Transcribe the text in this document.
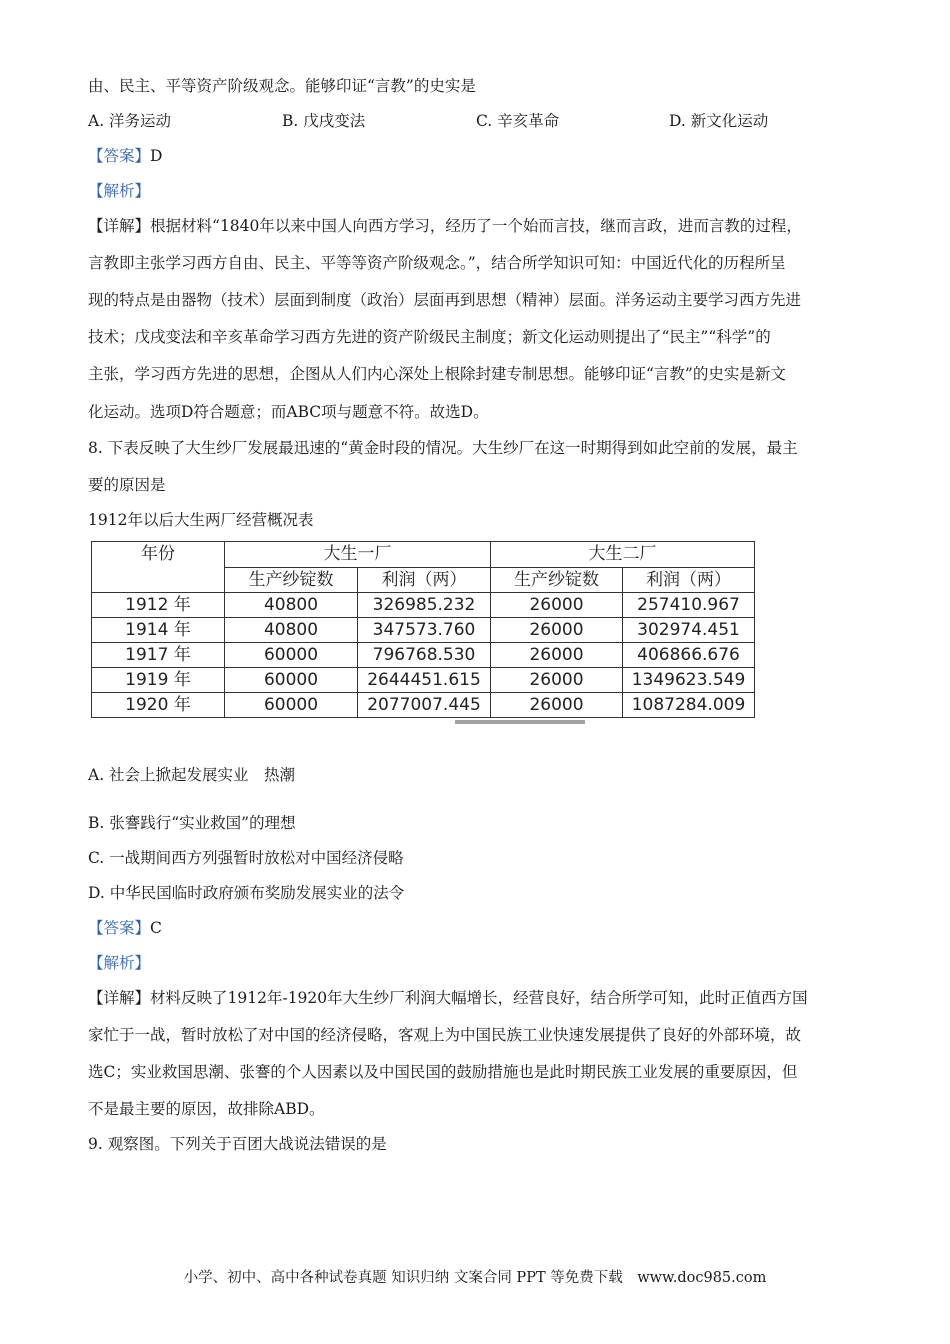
由、民主、平等资产阶级观念。能够印证“言教”的史实是
A. 洋务运动	B. 戊戌变法	C. 辛亥革命	D. 新文化运动
【答案】D
【解析】
【详解】根据材料“1840年以来中国人向西方学习，经历了一个始而言技，继而言政，进而言教的过程，
言教即主张学习西方自由、民主、平等等资产阶级观念。”，结合所学知识可知：中国近代化的历程所呈
现的特点是由器物（技术）层面到制度（政治）层面再到思想（精神）层面。洋务运动主要学习西方先进
技术；戊戌变法和辛亥革命学习西方先进的资产阶级民主制度；新文化运动则提出了“民主”“科学”的
主张，学习西方先进的思想，企图从人们内心深处上根除封建专制思想。能够印证“言教”的史实是新文
化运动。选项D符合题意；而ABC项与题意不符。故选D。
8. 下表反映了大生纱厂发展最迅速的“黄金时段的情况。大生纱厂在这一时期得到如此空前的发展，最主
要的原因是
1912年以后大生两厂经营概况表
年份	大生一厂		大生二厂	
	生产纱锭数	利润（两）	生产纱锭数	利润（两）
1912 年	40800	326985.232	26000	257410.967
1914 年	40800	347573.760	26000	302974.451
1917 年	60000	796768.530	26000	406866.676
1919 年	60000	2644451.615	26000	1349623.549
1920 年	60000	2077007.445	26000	1087284.009
A. 社会上掀起发展实业　热潮
B. 张謇践行“实业救国”的理想
C. 一战期间西方列强暂时放松对中国经济侵略
D. 中华民国临时政府颁布奖励发展实业的法令
【答案】C
【解析】
【详解】材料反映了1912年-1920年大生纱厂利润大幅增长，经营良好，结合所学可知，此时正值西方国
家忙于一战，暂时放松了对中国的经济侵略，客观上为中国民族工业快速发展提供了良好的外部环境，故
选C；实业救国思潮、张謇的个人因素以及中国民国的鼓励措施也是此时期民族工业发展的重要原因，但
不是最主要的原因，故排除ABD。
9. 观察图。下列关于百团大战说法错误的是
小学、初中、高中各种试卷真题 知识归纳 文案合同 PPT 等免费下载　www.doc985.com
